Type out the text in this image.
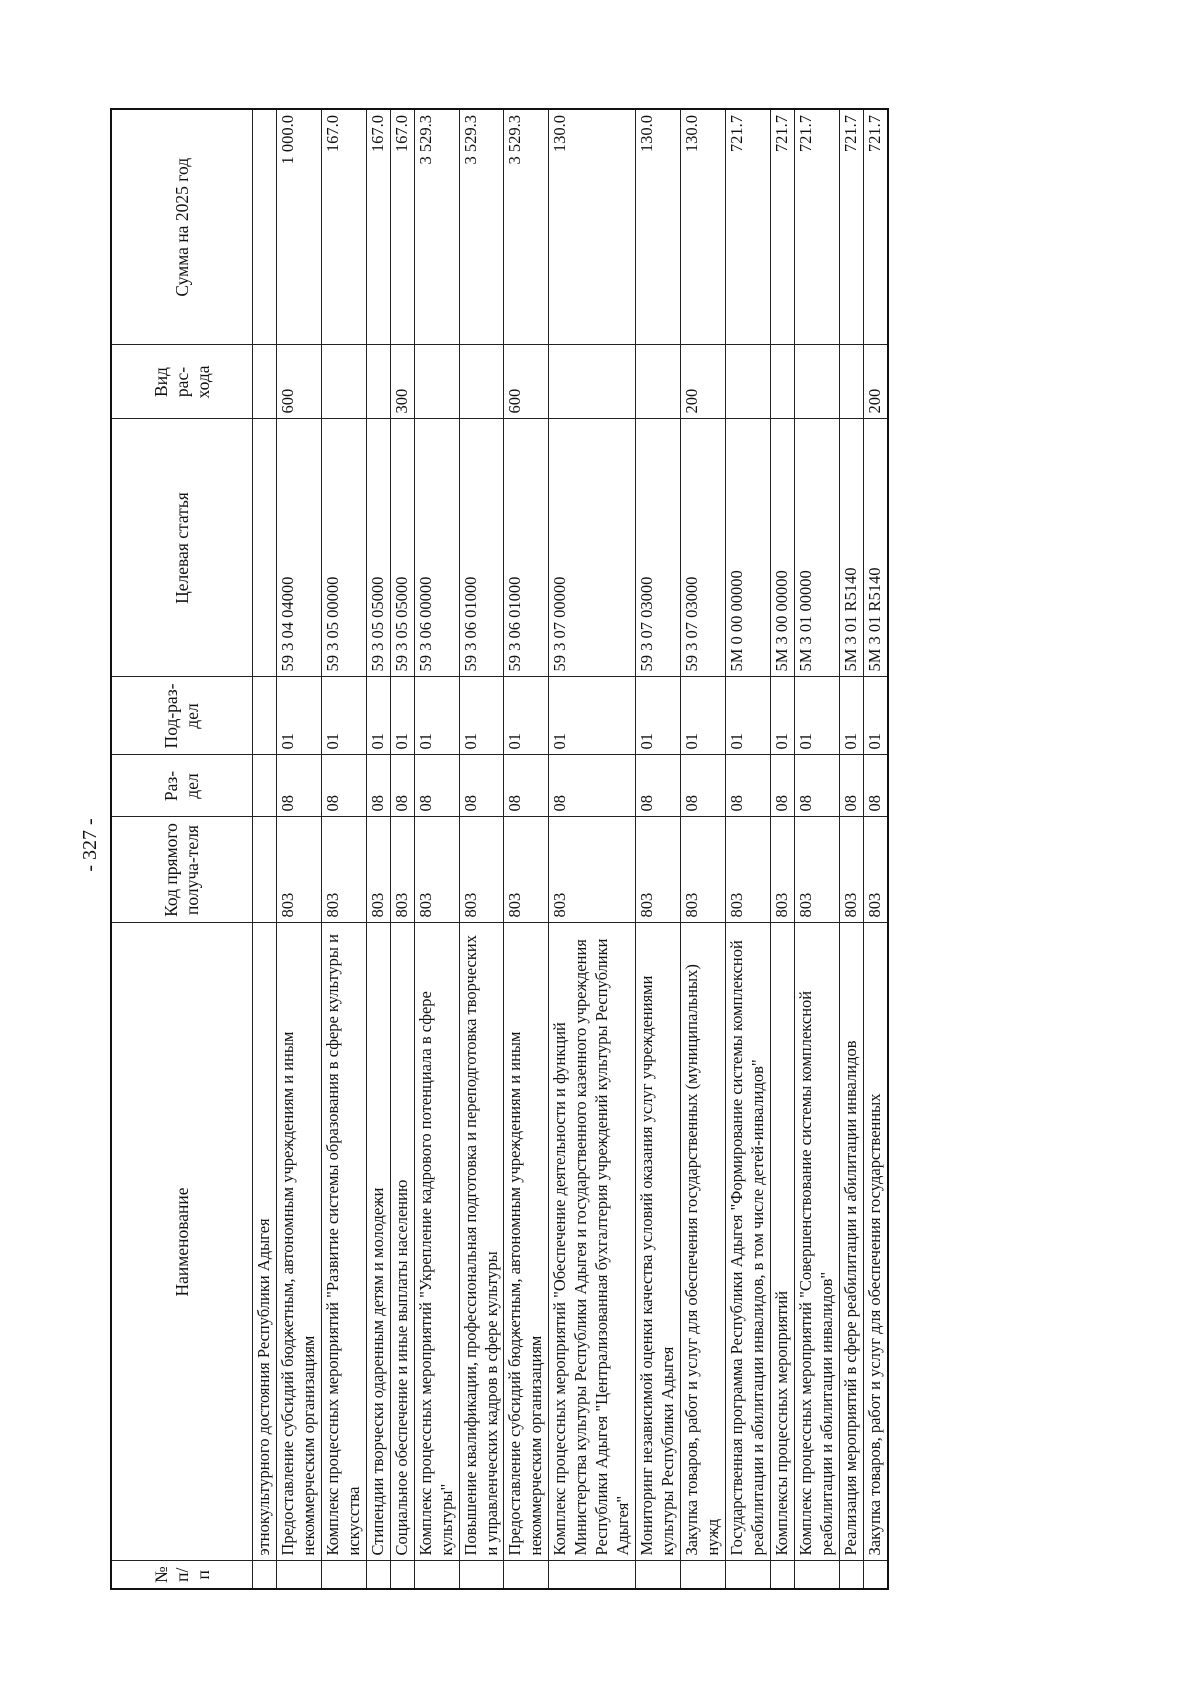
- 327 -
№ п/п	Наименование	Код прямого получа-теля	Раз-дел	Под-раз-дел	Целевая статья	Вид рас-хода	Сумма на 2025 год
	этнокультурного достояния Республики Адыгея						
	Предоставление субсидий бюджетным, автономным учреждениям и иным некоммерческим организациям	803	08	01	59 3 04 04000	600	1 000.0
	Комплекс процессных мероприятий "Развитие системы образования в сфере культуры и искусства	803	08	01	59 3 05 00000		167.0
	Стипендии творчески одаренным детям и молодежи	803	08	01	59 3 05 05000		167.0
	Социальное обеспечение и иные выплаты населению	803	08	01	59 3 05 05000	300	167.0
	Комплекс процессных мероприятий "Укрепление кадрового потенциала в сфере культуры"	803	08	01	59 3 06 00000		3 529.3
	Повышение квалификации, профессиональная подготовка и переподготовка творческих и управленческих кадров в сфере культуры	803	08	01	59 3 06 01000		3 529.3
	Предоставление субсидий бюджетным, автономным учреждениям и иным некоммерческим организациям	803	08	01	59 3 06 01000	600	3 529.3
	Комплекс процессных мероприятий "Обеспечение деятельности и функций Министерства культуры Республики Адыгея и государственного казенного учреждения Республики Адыгея "Централизованная бухгалтерия учреждений культуры Республики Адыгея"	803	08	01	59 3 07 00000		130.0
	Мониторинг независимой оценки качества условий оказания услуг учреждениями культуры Республики Адыгея	803	08	01	59 3 07 03000		130.0
	Закупка товаров, работ и услуг для обеспечения государственных (муниципальных) нужд	803	08	01	59 3 07 03000	200	130.0
	Государственная программа Республики Адыгея "Формирование системы комплексной реабилитации и абилитации инвалидов, в том числе детей-инвалидов"	803	08	01	5М 0 00 00000		721.7
	Комплексы процессных мероприятий	803	08	01	5М 3 00 00000		721.7
	Комплекс процессных мероприятий "Совершенствование системы комплексной реабилитации и абилитации инвалидов"	803	08	01	5М 3 01 00000		721.7
	Реализация мероприятий в сфере реабилитации и абилитации инвалидов	803	08	01	5М 3 01 R5140		721.7
	Закупка товаров, работ и услуг для обеспечения государственных	803	08	01	5М 3 01 R5140	200	721.7
